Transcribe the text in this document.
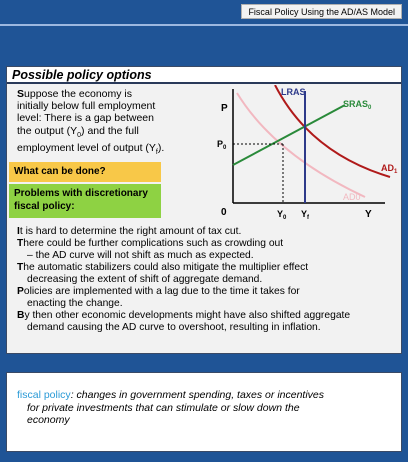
Fiscal Policy Using the AD/AS Model
Possible policy options
Suppose the economy is
initially below full employment
level: There is a gap between
the output $(Y_0)$ and the full
employment level of output $(Y_f)$.
What can be done?
Problems with discretionary
fiscal policy:
P
Y
0
LRAS
$SRAS_0$
$AD_1$
AD0
$P_0$
$Y_0$ $Y_f$

It is hard to determine the right amount of tax cut.

There could be further complications such as crowding out

– the AD curve will not shift as much as expected.

The automatic stabilizers could also mitigate the multiplier effect

decreasing the extent of shift of aggregate demand.

Policies are implemented with a lag due to the time it takes for

enacting the change.

By then other economic developments might have also shifted aggregate

demand causing the AD curve to overshoot, resulting in inflation.

fiscal policy: changes in government spending, taxes or incentives
for private investments that can stimulate or slow down the
economy
